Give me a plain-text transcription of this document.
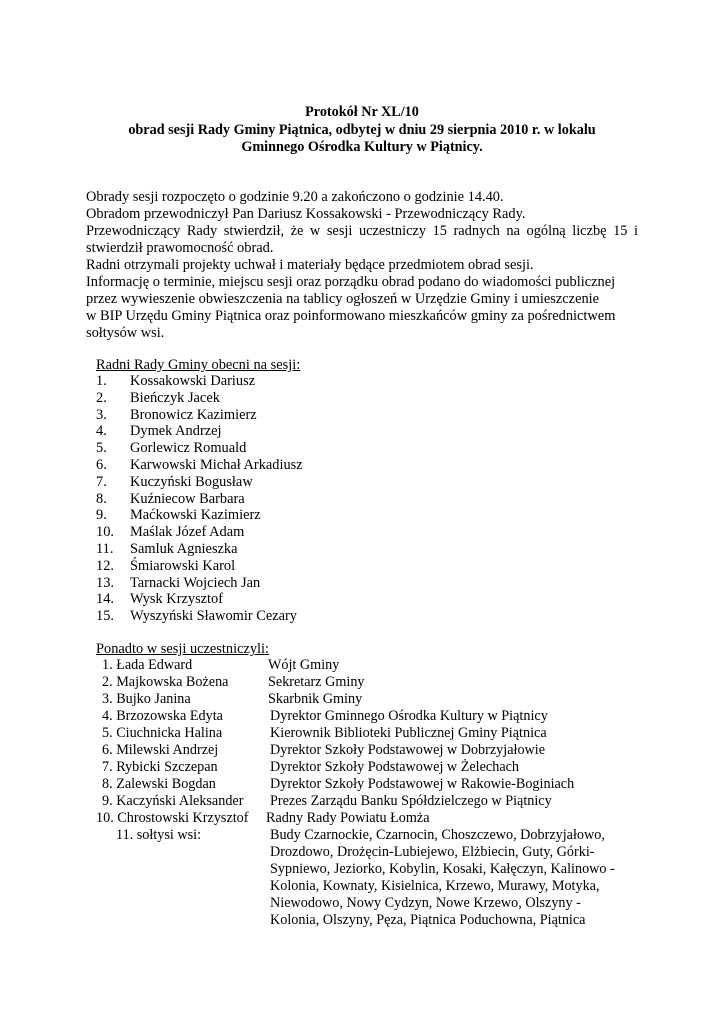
Protokół Nr XL/10
obrad sesji Rady Gminy Piątnica, odbytej w dniu 29 sierpnia 2010 r. w lokalu
Gminnego Ośrodka Kultury w Piątnicy.
Obrady sesji rozpoczęto o godzinie 9.20 a zakończono o godzinie 14.40.
Obradom przewodniczył Pan Dariusz Kossakowski - Przewodniczący Rady.
Przewodniczący Rady stwierdził, że w sesji uczestniczy 15 radnych na ogólną liczbę 15 i
stwierdził prawomocność obrad.
Radni otrzymali projekty uchwał i materiały będące przedmiotem obrad sesji.
Informację o terminie, miejscu sesji oraz porządku obrad podano do wiadomości publicznej
przez wywieszenie obwieszczenia na tablicy ogłoszeń w Urzędzie Gminy i umieszczenie
w BIP Urzędu Gminy Piątnica oraz poinformowano mieszkańców gminy za pośrednictwem
sołtysów wsi.
Radni Rady Gminy obecni na sesji:
1. Kossakowski Dariusz
2. Bieńczyk Jacek
3. Bronowicz Kazimierz
4. Dymek Andrzej
5. Gorlewicz Romuald
6. Karwowski Michał Arkadiusz
7. Kuczyński Bogusław
8. Kuźniecow Barbara
9. Maćkowski Kazimierz
10. Maślak Józef Adam
11. Samluk Agnieszka
12. Śmiarowski Karol
13. Tarnacki Wojciech Jan
14. Wysk Krzysztof
15. Wyszyński Sławomir Cezary
Ponadto w sesji uczestniczyli:
1. Łada Edward	Wójt Gminy
2. Majkowska Bożena	Sekretarz Gminy
3. Bujko Janina	Skarbnik Gminy
4. Brzozowska Edyta	Dyrektor Gminnego Ośrodka Kultury w Piątnicy
5. Ciuchnicka Halina	Kierownik Biblioteki Publicznej Gminy Piątnica
6. Milewski Andrzej	Dyrektor Szkoły Podstawowej w Dobrzyjałowie
7. Rybicki Szczepan	Dyrektor Szkoły Podstawowej w Żelechach
8. Zalewski Bogdan	Dyrektor Szkoły Podstawowej w Rakowie-Boginiach
9. Kaczyński Aleksander Prezes Zarządu Banku Spółdzielczego w Piątnicy
10. Chrostowski Krzysztof Radny Rady Powiatu Łomża
11. sołtysi wsi:	Budy Czarnockie, Czarnocin, Choszczewo, Dobrzyjałowo,
Drozdowo, Drożęcin-Lubiejewo, Elżbiecin, Guty, Górki-
Sypniewo, Jeziorko, Kobylin, Kosaki, Kałęczyn, Kalinowo -
Kolonia, Kownaty, Kisielnica, Krzewo, Murawy, Motyka,
Niewodowo, Nowy Cydzyn, Nowe Krzewo, Olszyny -
Kolonia, Olszyny, Pęza, Piątnica Poduchowna, Piątnica
